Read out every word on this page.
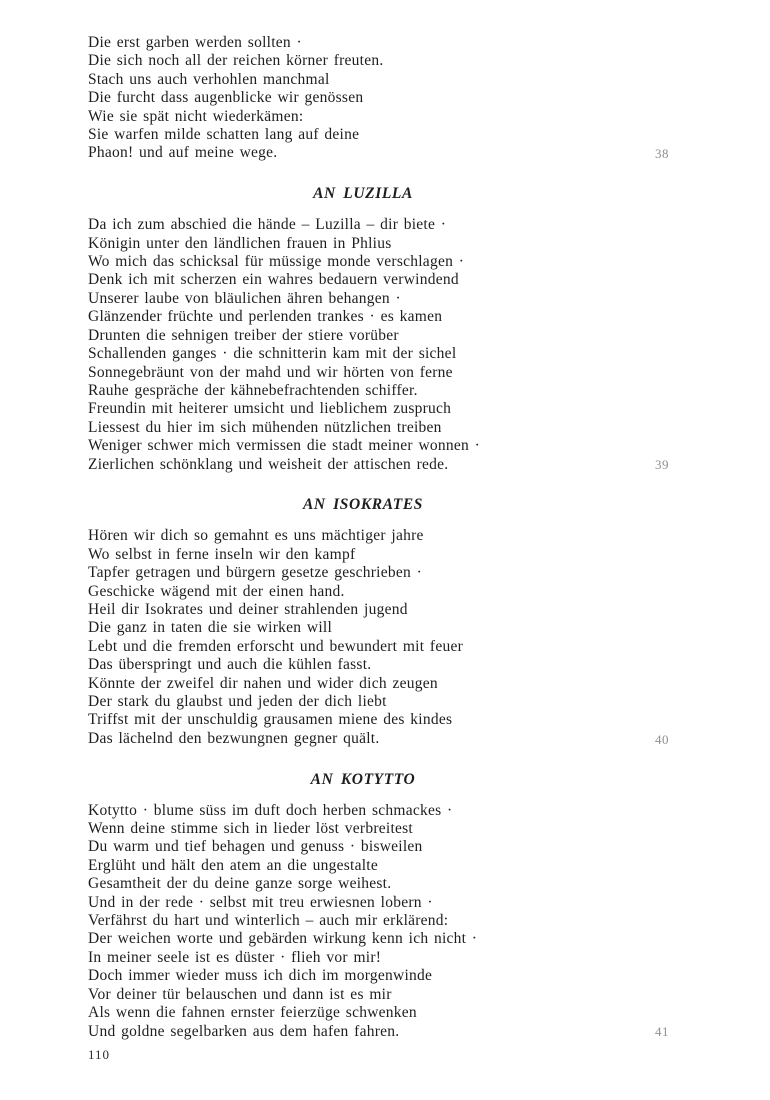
Die erst garben werden sollten ·

Die sich noch all der reichen körner freuten.

Stach uns auch verhohlen manchmal

Die furcht dass augenblicke wir genössen

Wie sie spät nicht wiederkämen:

Sie warfen milde schatten lang auf deine

Phaon! und auf meine wege.	38
AN LUZILLA

Da ich zum abschied die hände – Luzilla – dir biete ·

Königin unter den ländlichen frauen in Phlius

Wo mich das schicksal für müssige monde verschlagen ·

Denk ich mit scherzen ein wahres bedauern verwindend

Unserer laube von bläulichen ähren behangen ·

Glänzender früchte und perlenden trankes · es kamen

Drunten die sehnigen treiber der stiere vorüber

Schallenden ganges · die schnitterin kam mit der sichel

Sonnegebräunt von der mahd und wir hörten von ferne

Rauhe gespräche der kähnebefrachtenden schiffer.

Freundin mit heiterer umsicht und lieblichem zuspruch

Liessest du hier im sich mühenden nützlichen treiben

Weniger schwer mich vermissen die stadt meiner wonnen ·

Zierlichen schönklang und weisheit der attischen rede.	39
AN ISOKRATES

Hören wir dich so gemahnt es uns mächtiger jahre

Wo selbst in ferne inseln wir den kampf

Tapfer getragen und bürgern gesetze geschrieben ·

Geschicke wägend mit der einen hand.

Heil dir Isokrates und deiner strahlenden jugend

Die ganz in taten die sie wirken will

Lebt und die fremden erforscht und bewundert mit feuer

Das überspringt und auch die kühlen fasst.

Könnte der zweifel dir nahen und wider dich zeugen

Der stark du glaubst und jeden der dich liebt

Triffst mit der unschuldig grausamen miene des kindes

Das lächelnd den bezwungnen gegner quält.	40
AN KOTYTTO

Kotytto · blume süss im duft doch herben schmackes ·

Wenn deine stimme sich in lieder löst verbreitest

Du warm und tief behagen und genuss · bisweilen

Erglüht und hält den atem an die ungestalte

Gesamtheit der du deine ganze sorge weihest.

Und in der rede · selbst mit treu erwiesnen lobern ·

Verfährst du hart und winterlich – auch mir erklärend:

Der weichen worte und gebärden wirkung kenn ich nicht ·

In meiner seele ist es düster · flieh vor mir!

Doch immer wieder muss ich dich im morgenwinde

Vor deiner tür belauschen und dann ist es mir

Als wenn die fahnen ernster feierzüge schwenken

Und goldne segelbarken aus dem hafen fahren.	41
110
